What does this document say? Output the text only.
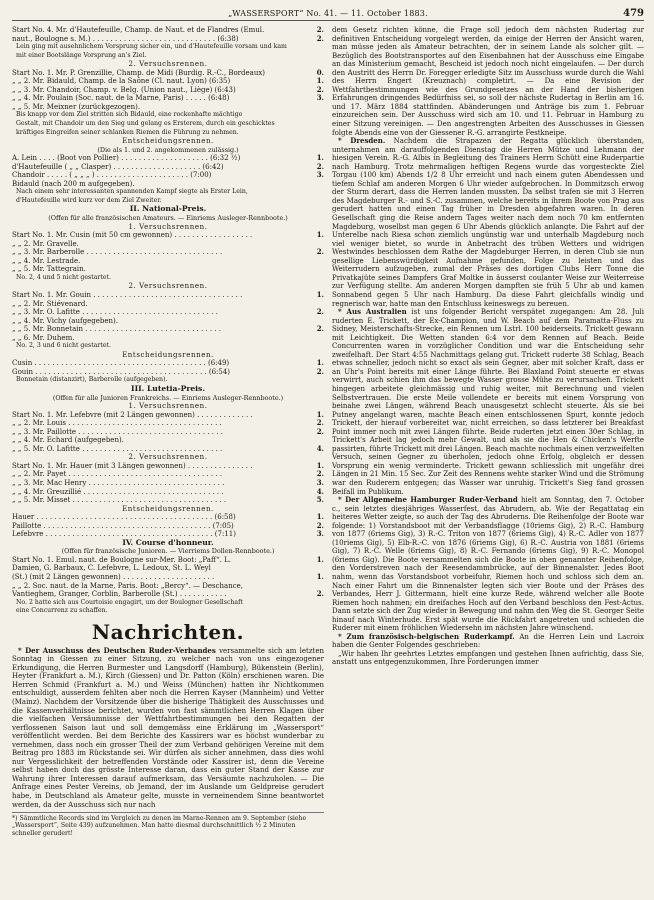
„WASSERSPORT“ No. 41. — 11. October 1883.	479
Start No. 4. Mr. d'Hautefeuille, Champ. de Naut. et de Flandres (Emul.	2.
naut., Boulogne s. M.) . . . . . . . . . . . . . . . . . . . . . . . . . . . . (6:38)	2.
Lein ging mit ausehnlichem Vorsprung sicher ein, und d'Hautefeuille vorsam und kam
mit einer Bootslänge Vorsprung an's Ziel.
2. Versuchsrennen.
Start No. 1. Mr. P. Grenzillie, Champ. de Midi (Burdig. R.-C., Bordeaux)	0.
„ „ 2. Mr. Bidauld, Champ. de la Saône (Cl. naut. Lyon) (6:35)	1.
„ „ 3. Mr. Chandoir, Champ. v. Belg. (Union naut., Liège) (6:43)	2.
„ „ 4. Mr. Poulain (Soc. naut. de la Marne, Paris) . . . . . (6:48)	3.
„ „ 5. Mr. Meixner (zurückgezogen).
Bis knapp vor dem Ziel stritten sich Bidauld, eine rockenhafte mächtige
Gestalt, mit Chandoir um den Sieg und gelang es Ersterem, durch ein geschicktes
kräftiges Eingreifen seiner schlanken Riemen die Führung zu nehmen.
Entscheidungsrennen.
(Die als 1. und 2. angekommenen zulässig.)
A. Lein . . . . (Boot von Pollier) . . . . . . . . . . . . . . . . . . . . (6:32 ½)	1.
d'Hautefeuille ( „ „ Clasper) . . . . . . . . . . . . . . . . . . . . (6:42)	2.
Chandoir . . . . . ( „ „ „ ) . . . . . . . . . . . . . . . . . . . . . (7:00)	3.
Bidauld (nach 200 m aufgegeben).
Nach einem sehr interessanten spannenden Kampf siegte als Erster Lein,
d'Hautefeuille wird kurz vor dem Ziel Zweiter.
II. National-Preis.
(Offen für alle französischen Amateurs. — Einriems Ausleger-Rennboote.)
1. Versuchsrennen.
Start No. 1. Mr. Cusin (mit 50 cm gewonnen) . . . . . . . . . . . . . . . . . .	1.
„ „ 2. Mr. Gravelle.
„ „ 3. Mr. Barberolle . . . . . . . . . . . . . . . . . . . . . . . . . . . . . . .	2.
„ „ 4. Mr. Lestrade.
„ „ 5. Mr. Tattegrain.
No. 2, 4 und 5 nicht gestartet.
2. Versuchsrennen.
Start No. 1. Mr. Gouin . . . . . . . . . . . . . . . . . . . . . . . . . . . . . . . . . .	1.
„ „ 2. Mr. Stiévenard.
„ „ 3. Mr. O. Lafitte . . . . . . . . . . . . . . . . . . . . . . . . . . . . . . .	2.
„ „ 4. Mr. Vichy (aufgegeben).
„ „ 5. Mr. Bonnetain . . . . . . . . . . . . . . . . . . . . . . . . . . . . . . .	2.
„ „ 6. Mr. Duhem.
No. 2, 3 und 6 nicht gestartet.
Entscheidungsrennen.
Cusin . . . . . . . . . . . . . . . . . . . . . . . . . . . . . . . . . . . . . . . (6:49)	1.
Gouin . . . . . . . . . . . . . . . . . . . . . . . . . . . . . . . . . . . . . . . (6:54)	2.
Bonnetain (distanzirt), Barberolle (aufgegeben).
III. Lutetia-Preis.
(Offen für alle Junioren Frankreichs. — Einriems Ausleger-Rennboote.)
1. Versuchsrennen.
Start No. 1. Mr. Lefebvre (mit 2 Längen gewonnen) . . . . . . . . . . . . .	1.
„ „ 2. Mr. Louis . . . . . . . . . . . . . . . . . . . . . . . . . . . . . . . . . . .	2.
„ „ 3. Mr. Paillotte . . . . . . . . . . . . . . . . . . . . . . . . . . . . . . . . .	2.
„ „ 4. Mr. Échard (aufgegeben).
„ „ 5. Mr. O. Lafitte . . . . . . . . . . . . . . . . . . . . . . . . . . . . . . . .	4.
2. Versuchsrennen.
Start No. 1. Mr. Hauer (mit 3 Längen gewonnen) . . . . . . . . . . . . . . .	1.
„ „ 2. Mr. Payet . . . . . . . . . . . . . . . . . . . . . . . . . . . . . . . . . . .	2.
„ „ 3. Mr. Mac Henry . . . . . . . . . . . . . . . . . . . . . . . . . . . . . . .	3.
„ „ 4. Mr. Greuzillié . . . . . . . . . . . . . . . . . . . . . . . . . . . . . . . .	4.
„ „ 5. Mr. Misset . . . . . . . . . . . . . . . . . . . . . . . . . . . . . . . . . . .	5.
Entscheidungsrennen.
Hauer . . . . . . . . . . . . . . . . . . . . . . . . . . . . . . . . . . . . . . . . (6:58)	1.
Paillotte . . . . . . . . . . . . . . . . . . . . . . . . . . . . . . . . . . . . . . (7:05)	2.
Lefebvre . . . . . . . . . . . . . . . . . . . . . . . . . . . . . . . . . . . . . . (7:11)	3.
IV. Course d'honneur.
(Offen für französische Junioren. — Vierriems Dollen-Rennboote.)
Start No. 1. Emul. naut. de Boulogne sur-Mer. Boot: „Paff“. L.	1.
Damien, G. Barbaux, C. Lefebvre, L. Ledoux, St. L. Weyl
(St.) (mit 2 Längen gewonnen) . . . . . . . . . . . . . . . . . . . . .	1.
„ „ 2. Soc. naut. de la Marne, Paris. Boot: „Bercy“. — Deschance,
Vantieghem, Granger, Corblin, Barberolle (St.) . . . . . . . . . . .	2.
No. 2 hatte sich aus Courtoisie engagirt, um der Boulogner Gesellschaft
eine Concurrenz zu schaffen.
Nachrichten.

* Der Ausschuss des Deutschen Ruder-Verbandes versammelte sich am letzten Sonntag in Giessen zu einer Sitzung, zu welcher nach von uns eingezogener Erkundigung, die Herren Burmester und Langsdorff (Hamburg), Bükenstein (Berlin), Heyter (Frankfurt a. M.), Kirch (Giessen) und Dr. Patton (Köln) erschienen waren. Die Herren Schmid (Frankfurt a. M.) und Weiss (München) hatten ihr Nichtkommen entschuldigt, ausserdem fehlten aber noch die Herren Kayser (Mannheim) und Vetter (Mainz). Nachdem der Vorsitzende über die bisherige Thätigkeit des Ausschusses und die Kassenverhältnisse berichtet, wurden von fast sämmtlichen Herren Klagen über die vielfachen Versäumnisse der Wettfahrtbestimmungen bei den Regatten der verflossenen Saison laut und soll demgemäss eine Erklärung im „Wassersport“ veröffentlicht werden. Bei dem Berichte des Kassirers war es höchst wunderbar zu vernehmen, dass noch ein grosser Theil der zum Verband gehörigen Vereine mit dem Beitrag pro 1883 im Rückstande sei. Wir dürfen als sicher annehmen, dass dies wohl nur Vergesslichkeit der betreffenden Vorstände oder Kassirer ist, denn die Vereine selbst haben doch das grösste Interesse daran, dass ein guter Stand der Kasse zur Wahrung ihrer Interessen darauf aufmerksam, das Versäumte nachzuholen. — Die Anfrage eines Pester Vereins, ob Jemand, der im Auslande um Geldpreise gerudert habe, in Deutschland als Amateur gelte, musste in verneinendem Sinne beantwortet werden, da der Ausschuss sich nur nach

*) Sämmtliche Records sind im Vergleich zu denen im Marne-Rennen am 9. September (siehe „Wassersport“, Seite 439) aufzunehmen. Man hatte diesmal durchschnittlich ½ 2 Minuten schneller gerudert!

dem Gesetz richten könne, die Frage soll jedoch dem nächsten Rudertag zur definitiven Entscheidung vorgelegt werden, da einige der Herren der Ansicht waren, man müsse jeden als Amateur betrachten, der in seinem Lande als solcher gilt. — Bezüglich des Bootstransportes auf den Eisenbahnen hat der Ausschuss eine Eingabe an das Ministerium gemacht, Bescheid ist jedoch noch nicht eingelaufen. — Der durch den Austritt des Herrn Dr. Foregger erledigte Sitz im Ausschuss wurde durch die Wahl des Herrn Engert (Kreuznach) completirt. — Da eine Revision der Wettfahrtbestimmungen wie des Grundgesetzes an der Hand der bisherigen Erfahrungen dringendes Bedürfniss sei, so soll der nächste Rudertag in Berlin am 16. und 17. März 1884 stattfinden. Abänderungen und Anträge bis zum 1. Februar einzureichen sein. Der Ausschuss wird sich am 10. und 11. Februar in Hamburg zu einer Sitzung vereinigen. — Den angestrengten Arbeiten des Ausschusses in Giessen folgte Abends eine von der Giessener R.-G. arrangirte Festkneipe.

* Dresden. Nachdem die Strapazen der Regatta glücklich überstanden, unternahmen am darauffolgenden Dienstag die Herren Mütze und Lehmann der hiesigen Verein. R.-G. Albis in Begleitung des Trainers Herrn Schütt eine Ruderpartie nach Hamburg. Trotz mehrmaligen heftigen Regens wurde das vorgesteckte Ziel Torgau (100 km) Abends 1/2 8 Uhr erreicht und nach einem guten Abendessen und tiefem Schlaf am anderen Morgen 6 Uhr wieder aufgebrochen. In Dommitzsch erwog der Sturm derart, dass die Herren landen mussten. Da selbst trafen sie mit 3 Herren des Magdeburger R.- und S.-C. zusammen, welche bereits in ihrem Boote von Prag aus gerudert hatten und einen Tag früher in Dresden abgefahren waren. In deren Gesellschaft ging die Reise andern Tages weiter nach dem noch 70 km entfernten Magdeburg, woselbst man gegen 6 Uhr Abends glücklich anlangte. Die Fahrt auf der Unterelbe nach Riesa schon ziemlich ungünstig war und unterhalb Magdeburg noch viel weniger bietet, so wurde in Anbetracht des trüben Wetters und widrigen Westwindes beschlossen dem Rathe der Magdeburger Herren, in deren Club sie nun gesellige Liebenswürdigkeit Aufnahme gefunden, Folge zu leisten und das Weiterrudern aufzugeben, zumal der Präses des dortigen Clubs Herr Tonne die Privatkajüte seines Dampfers Graf Moltke in äusserst coulanter Weise zur Weiterreise zur Verfügung stellte. Am anderen Morgen dampften sie früh 5 Uhr ab und kamen Sonnabend gegen 5 Uhr nach Hamburg. Da diese Fahrt gleichfalls windig und regnerisch war, hatte man den Entschluss keineswegs zu bereuen.

* Aus Australien ist uns folgender Bericht verspätet zugegangen: Am 28. Juli ruderten E. Trickett, der Ex-Champion, und W. Beach auf dem Paramatta-Fluss zu Sidney, Meisterschafts-Strecke, ein Rennen um Lstrl. 100 beiderseits. Trickett gewann mit Leichtigkeit. Die Wetten standen 6:4 vor dem Rennen auf Beach. Beide Concurrenten waren in vorzüglicher Condition und war die Entscheidung sehr zweifelhaft. Der Start 4:55 Nachmittags gelang gut. Trickett ruderte 38 Schlag, Beach etwas schneller, jedoch nicht so exact als sein Gegner, aber mit solcher Kraft, dass er an Uhr's Point bereits mit einer Länge führte. Bei Blaxland Point steuerte er etwas verwirrt, auch schien ihm das bewegte Wasser grosse Mühe zu verursachen. Trickett hingegen arbeitete gleichmässig und ruhig weiter, mit Berechnung und vielen Selbstvertrauen. Die erste Meile vollendete er bereits mit einem Vorsprung von beinahe zwei Längen, während Beach unausgesetzt schlecht steuerte. Als sie bei Putney angelangt waren, machte Beach einen entschlossenen Spurt, konnte jedoch Trickett, der hierauf vorbereitet war, nicht erreichen, so dass letzterer bei Breakfast Point immer noch mit zwei Längen führte. Beide ruderten jetzt einen 30er Schlag, in Trickett's Arbeit lag jedoch mehr Gewalt, und als sie die Hen & Chicken's Werfte passirten, führte Trickett mit drei Längen. Beach machte nochmals einen verzweifelten Versuch, seinen Gegner zu überholen, jedoch ohne Erfolg, obgleich er dessen Vorsprung ein wenig verminderte. Trickett gewann schliesslich mit ungefähr drei Längen in 21 Min. 15 Sec. Zur Zeit des Rennens wehte starker Wind und die Strömung war den Ruderern entgegen; das Wasser war unruhig. Trickett's Sieg fand grossen Beifall im Publikum.

* Der Allgemeine Hamburger Ruder-Verband hielt am Sonntag, den 7. October c., sein letztes diesjähriges Wasserfest, das Abrudern, ab. Wie der Regattatag ein heiteres Wetter zeigte, so auch der Tag des Abruderns. Die Reihenfolge der Boote war folgende: 1) Vorstandsboot mit der Verbandsflagge (10riems Gig), 2) R.-C. Hamburg von 1877 (6riems Gig), 3) R.-C. Triton von 1877 (6riems Gig), 4) R.-C. Adler von 1877 (10riems Gig), 5) Elb-R.-C. von 1876 (6riems Gig), 6) R.-C. Austria von 1881 (6riems Gig), 7) R.-C. Welle (6riems Gig), 8) R.-C. Fernando (6riems Gig), 9) R.-C. Monopol (6riems Gig). Die Boote versammelten sich die Boote in oben genannter Reihenfolge, den Vorderstreven nach der Reesendammbrücke, auf der Binnenalster. Jedes Boot nahm, wenn das Vorstandsboot vorbeifuhr, Riemen hoch und schloss sich dem an. Nach einer Fahrt um die Binnenalster legten sich vier Boote und der Präses des Verbandes, Herr J. Gittermann, hielt eine kurze Rede, während welcher alle Boote Riemen hoch nahmen; ein dreifaches Hoch auf den Verband beschloss den Fest-Actus. Dann setzte sich der Zug wieder in Bewegung und nahm den Weg die St. Georger Seite hinauf nach Winterhude. Erst spät wurde die Rückfahrt angetreten und schieden die Ruderer mit einem fröhlichen Wiedersehn im nächsten Jahre wünschend.

* Zum französisch-belgischen Ruderkampf. An die Herren Lein und Lacroix haben die Genter Folgendes geschrieben:

„Wir haben Ihr geehrtes Letztes empfangen und gestehen Ihnen aufrichtig, dass Sie, anstatt uns entgegenzukommen, Ihre Forderungen immer
